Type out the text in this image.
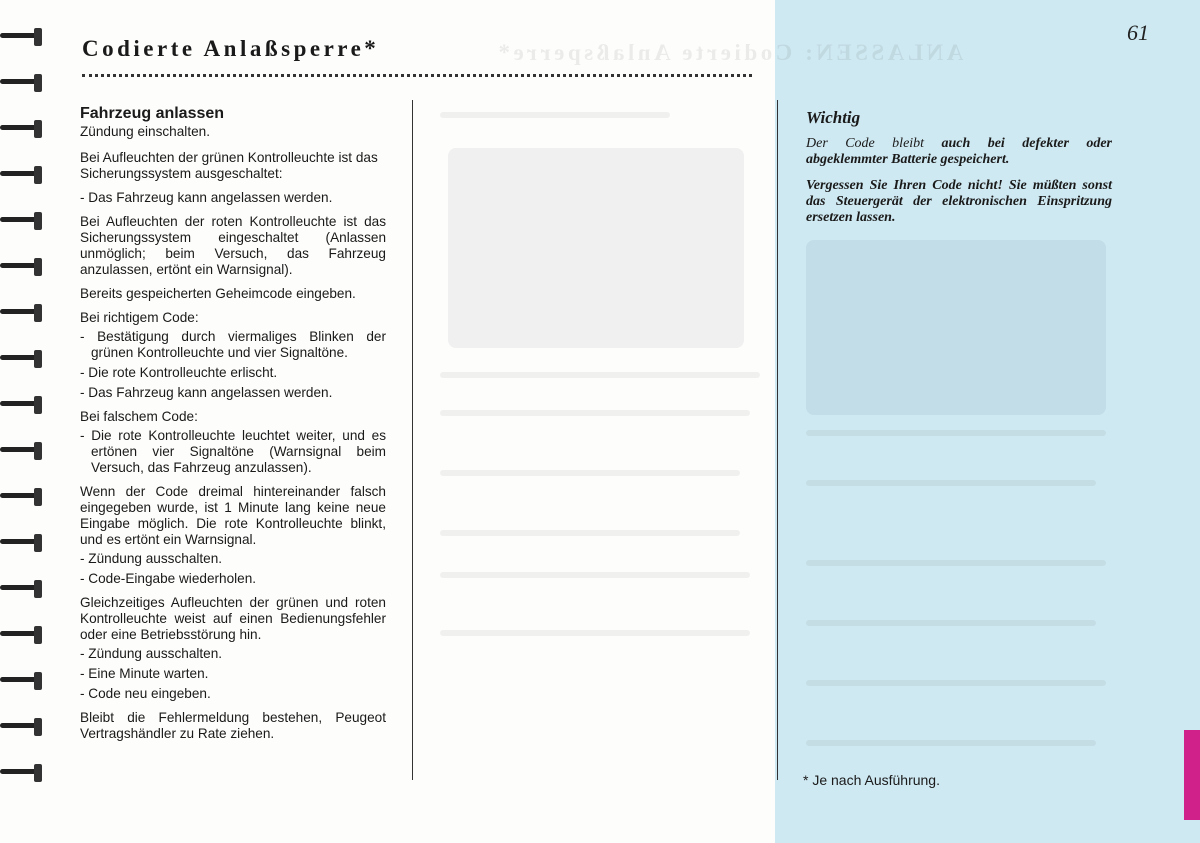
ANLASSEN: Codierte Anlaßsperre*
Codierte Anlaßsperre*
61
Fahrzeug anlassen

Zündung einschalten.

Bei Aufleuchten der grünen Kontrolleuchte ist das Sicherungssystem ausgeschaltet:

- Das Fahrzeug kann angelassen werden.

Bei Aufleuchten der roten Kontrolleuchte ist das Sicherungssystem eingeschaltet (Anlassen unmöglich; beim Versuch, das Fahrzeug anzulassen, ertönt ein Warnsignal).

Bereits gespeicherten Geheimcode eingeben.

Bei richtigem Code:

- Bestätigung durch viermaliges Blinken der grünen Kontrolleuchte und vier Signaltöne.

- Die rote Kontrolleuchte erlischt.

- Das Fahrzeug kann angelassen werden.

Bei falschem Code:

- Die rote Kontrolleuchte leuchtet weiter, und es ertönen vier Signaltöne (Warnsignal beim Versuch, das Fahrzeug anzulassen).

Wenn der Code dreimal hintereinander falsch eingegeben wurde, ist 1 Minute lang keine neue Eingabe möglich. Die rote Kontrolleuchte blinkt, und es ertönt ein Warnsignal.

- Zündung ausschalten.

- Code-Eingabe wiederholen.

Gleichzeitiges Aufleuchten der grünen und roten Kontrolleuchte weist auf einen Bedienungsfehler oder eine Betriebsstörung hin.

- Zündung ausschalten.

- Eine Minute warten.

- Code neu eingeben.

Bleibt die Fehlermeldung bestehen, Peugeot Vertragshändler zu Rate ziehen.

Wichtig

Der Code bleibt auch bei defekter oder abgeklemmter Batterie gespeichert.

Vergessen Sie Ihren Code nicht! Sie müßten sonst das Steuergerät der elektronischen Einspritzung ersetzen lassen.

* Je nach Ausführung.
